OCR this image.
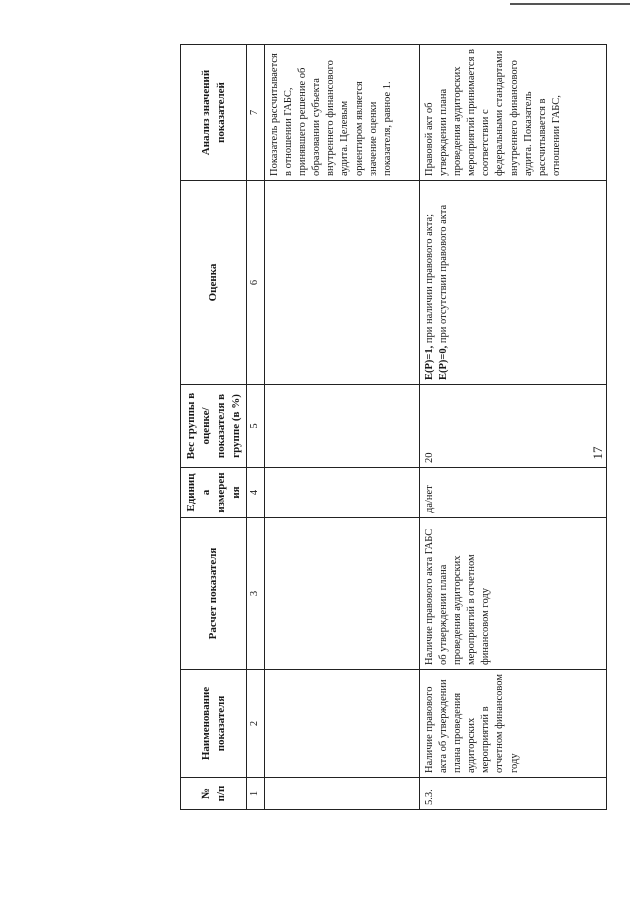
17
№ п/п	Наименование показателя	Расчет показателя	Единица измерения	Вес группы в оценке/ показателя в группе (в %)	Оценка	Анализ значений показателей
1	2	3	4	5	6	7
						Показатель рассчитывается в отношении ГАБС, принявшего решение об образовании субъекта внутреннего финансового аудита. Целевым ориентиром является значение оценки показателя, равное 1.
5.3.	Наличие правового акта об утверждении плана проведения аудиторских мероприятий в отчетном финансовом году	Наличие правового акта ГАБС об утверждении плана проведения аудиторских мероприятий в отчетном финансовом году	да/нет	20	E(P)=1, при наличии правового акта;
E(P)=0, при отсутствии правового акта	Правовой акт об утверждении плана проведения аудиторских мероприятий принимается в соответствии с федеральными стандартами внутреннего финансового аудита. Показатель рассчитывается в отношении ГАБС,
